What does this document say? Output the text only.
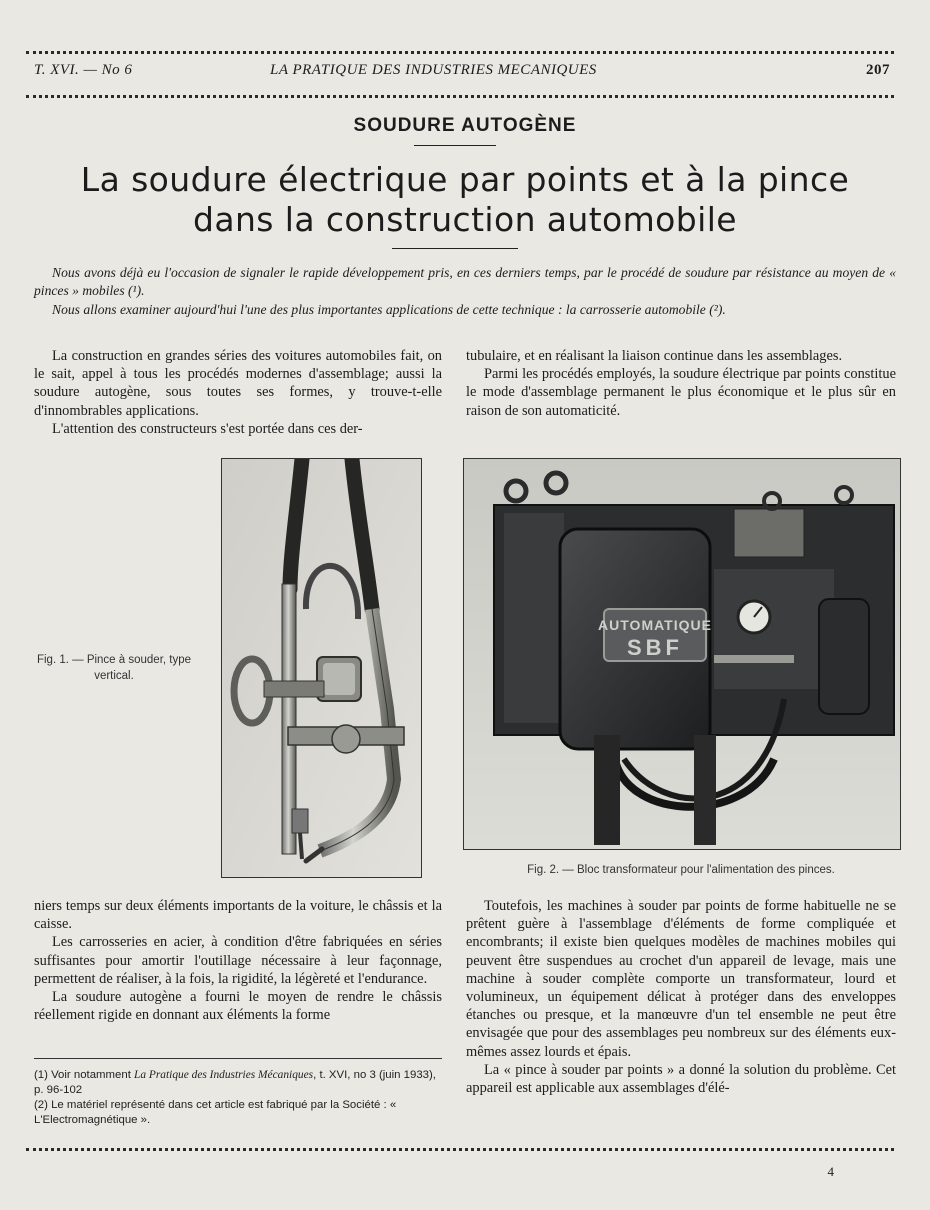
T. XVI. — No 6	LA PRATIQUE DES INDUSTRIES MECANIQUES	207
SOUDURE AUTOGÈNE
La soudure électrique par points et à la pince
dans la construction automobile

Nous avons déjà eu l'occasion de signaler le rapide développement pris, en ces derniers temps, par le procédé de soudure par résistance au moyen de « pinces » mobiles (¹).

Nous allons examiner aujourd'hui l'une des plus importantes applications de cette technique : la carrosserie automobile (²).

La construction en grandes séries des voitures automobiles fait, on le sait, appel à tous les procédés modernes d'assemblage; aussi la soudure autogène, sous toutes ses formes, y trouve-t-elle d'innombrables applications.

L'attention des constructeurs s'est portée dans ces der-

tubulaire, et en réalisant la liaison continue dans les assemblages.

Parmi les procédés employés, la soudure électrique par points constitue le mode d'assemblage permanent le plus économique et le plus sûr en raison de son automaticité.

Fig. 1. — Pince à souder, type vertical.
AUTOMATIQUE
SBF
Fig. 2. — Bloc transformateur pour l'alimentation des pinces.

niers temps sur deux éléments importants de la voiture, le châssis et la caisse.

Les carrosseries en acier, à condition d'être fabriquées en séries suffisantes pour amortir l'outillage nécessaire à leur façonnage, permettent de réaliser, à la fois, la rigidité, la légèreté et l'endurance.

La soudure autogène a fourni le moyen de rendre le châssis réellement rigide en donnant aux éléments la forme

Toutefois, les machines à souder par points de forme habituelle ne se prêtent guère à l'assemblage d'éléments de forme compliquée et encombrants; il existe bien quelques modèles de machines mobiles qui peuvent être suspendues au crochet d'un appareil de levage, mais une machine à souder complète comporte un transformateur, lourd et volumineux, un équipement délicat à protéger dans des enveloppes étanches ou presque, et la manœuvre d'un tel ensemble ne peut être envisagée que pour des assemblages peu nombreux sur des éléments eux-mêmes assez lourds et épais.

La « pince à souder par points » a donné la solution du problème. Cet appareil est applicable aux assemblages d'élé-

(1) Voir notamment La Pratique des Industries Mécaniques, t. XVI, no 3 (juin 1933), p. 96-102

(2) Le matériel représenté dans cet article est fabriqué par la Société : « L'Electromagnétique ».

4
